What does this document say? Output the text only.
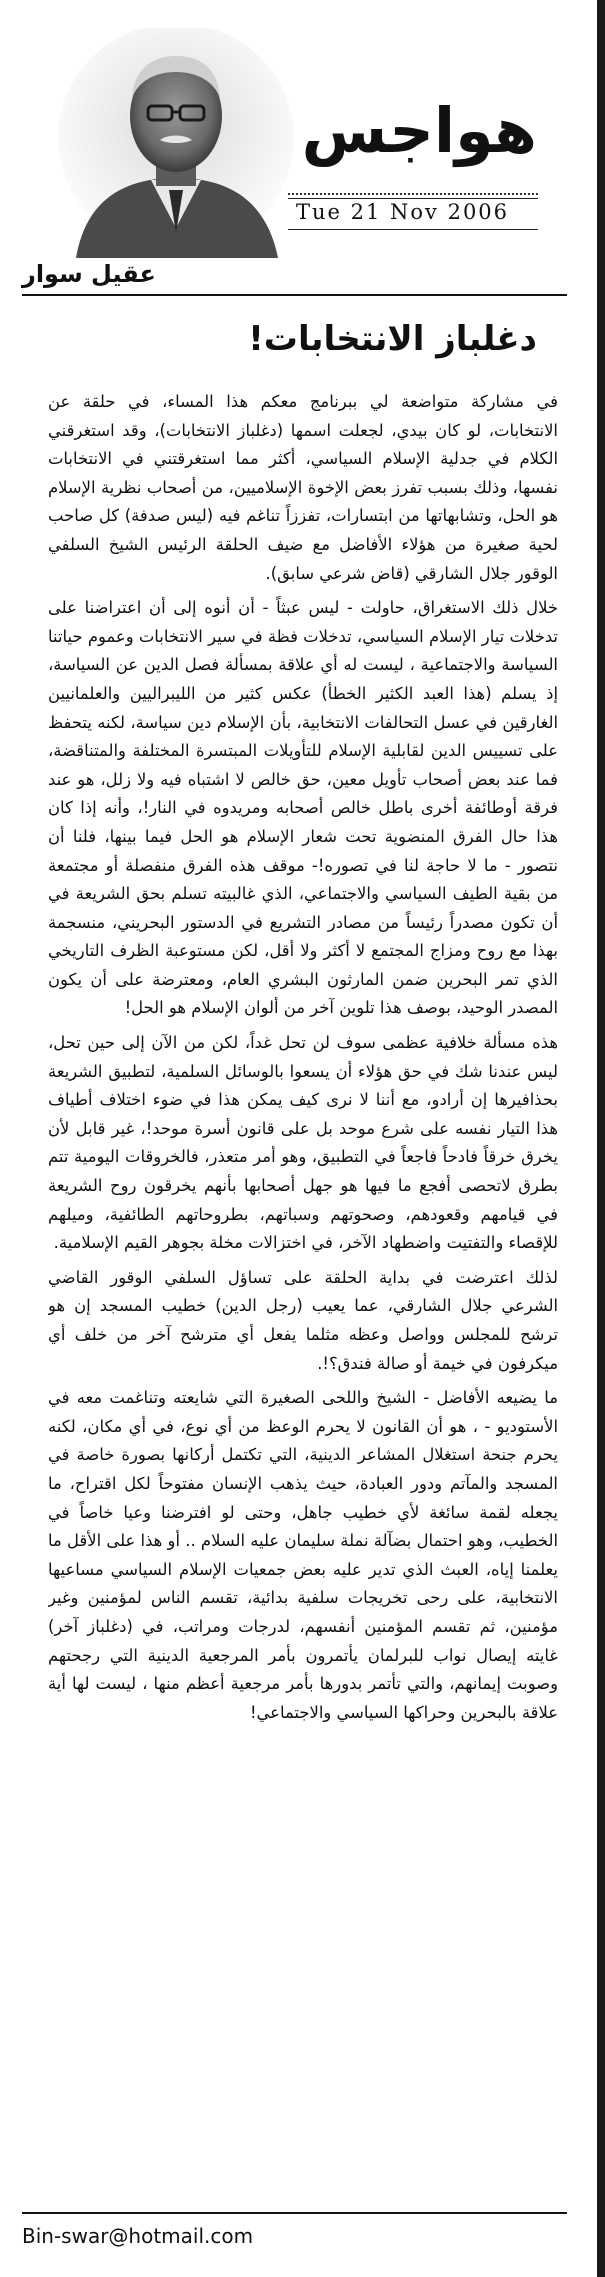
هواجس
Tue 21 Nov 2006
عقيل سوار
دغلباز الانتخابات!

في مشاركة متواضعة لي ببرنامج معكم هذا المساء، في حلقة عن الانتخابات، لو كان بيدي، لجعلت اسمها (دغلباز الانتخابات)، وقد استغرقني الكلام في جدلية الإسلام السياسي، أكثر مما استغرقتني في الانتخابات نفسها، وذلك بسبب تفرز بعض الإخوة الإسلاميين، من أصحاب نظرية الإسلام هو الحل، وتشابهاتها من ابتسارات، تفززاً تناغم فيه (ليس صدفة) كل صاحب لحية صغيرة من هؤلاء الأفاضل مع ضيف الحلقة الرئيس الشيخ السلفي الوقور جلال الشارقي (قاض شرعي سابق).

خلال ذلك الاستغراق، حاولت - ليس عبثاً - أن أنوه إلى أن اعتراضنا على تدخلات تيار الإسلام السياسي، تدخلات فظة في سير الانتخابات وعموم حياتنا السياسة والاجتماعية ، ليست له أي علاقة بمسألة فصل الدين عن السياسة، إذ يسلم (هذا العبد الكثير الخطأ) عكس كثير من الليبراليين والعلمانيين الغارقين في عسل التحالفات الانتخابية، بأن الإسلام دين سياسة، لكنه يتحفظ على تسييس الدين لقابلية الإسلام للتأويلات المبتسرة المختلفة والمتناقضة، فما عند بعض أصحاب تأويل معين، حق خالص لا اشتباه فيه ولا زلل، هو عند فرقة أوطائفة أخرى باطل خالص أصحابه ومريدوه في النار!، وأنه إذا كان هذا حال الفرق المنضوية تحت شعار الإسلام هو الحل فيما بينها، فلنا أن نتصور - ما لا حاجة لنا في تصوره!- موقف هذه الفرق منفصلة أو مجتمعة من بقية الطيف السياسي والاجتماعي، الذي غالبيته تسلم بحق الشريعة في أن تكون مصدراً رئيساً من مصادر التشريع في الدستور البحريني، منسجمة بهذا مع روح ومزاج المجتمع لا أكثر ولا أقل، لكن مستوعبة الظرف التاريخي الذي تمر البحرين ضمن المارثون البشري العام، ومعترضة على أن يكون المصدر الوحيد، بوصف هذا تلوين آخر من ألوان الإسلام هو الحل!

هذه مسألة خلافية عظمى سوف لن تحل غداً، لكن من الآن إلى حين تحل، ليس عندنا شك في حق هؤلاء أن يسعوا بالوسائل السلمية، لتطبيق الشريعة بحذافيرها إن أرادو، مع أننا لا نرى كيف يمكن هذا في ضوء اختلاف أطياف هذا التيار نفسه على شرع موحد بل على قانون أسرة موحد!، غير قابل لأن يخرق خرقاً فادحاً فاجعاً في التطبيق، وهو أمر متعذر، فالخروقات اليومية تتم بطرق لاتحصى أفجع ما فيها هو جهل أصحابها بأنهم يخرقون روح الشريعة في قيامهم وقعودهم، وصحوتهم وسباتهم، بطروحاتهم الطائفية، وميلهم للإقصاء والتفتيت واضطهاد الآخر، في اختزالات مخلة بجوهر القيم الإسلامية.

لذلك اعترضت في بداية الحلقة على تساؤل السلفي الوقور القاضي الشرعي جلال الشارقي، عما يعيب (رجل الدين) خطيب المسجد إن هو ترشح للمجلس وواصل وعظه مثلما يفعل أي مترشح آخر من خلف أي ميكرفون في خيمة أو صالة فندق؟!.

ما يضيعه الأفاضل - الشيخ واللحى الصغيرة التي شايعته وتناغمت معه في الأستوديو - ، هو أن القانون لا يحرم الوعظ من أي نوع، في أي مكان، لكنه يحرم جنحة استغلال المشاعر الدينية، التي تكتمل أركانها بصورة خاصة في المسجد والمآتم ودور العبادة، حيث يذهب الإنسان مفتوحاً لكل اقتراح، ما يجعله لقمة سائغة لأي خطيب جاهل، وحتى لو افترضنا وعيا خاصاً في الخطيب، وهو احتمال بضآلة نملة سليمان عليه السلام .. أو هذا على الأقل ما يعلمنا إياه، العبث الذي تدير عليه بعض جمعيات الإسلام السياسي مساعيها الانتخابية، على رحى تخريجات سلفية بدائية، تقسم الناس لمؤمنين وغير مؤمنين، ثم تقسم المؤمنين أنفسهم، لدرجات ومراتب، في (دغلباز آخر) غايته إيصال نواب للبرلمان يأتمرون بأمر المرجعية الدينية التي رجحتهم وصوبت إيمانهم، والتي تأتمر بدورها بأمر مرجعية أعظم منها ، ليست لها أية علاقة بالبحرين وحراكها السياسي والاجتماعي!

Bin-swar@hotmail.com
